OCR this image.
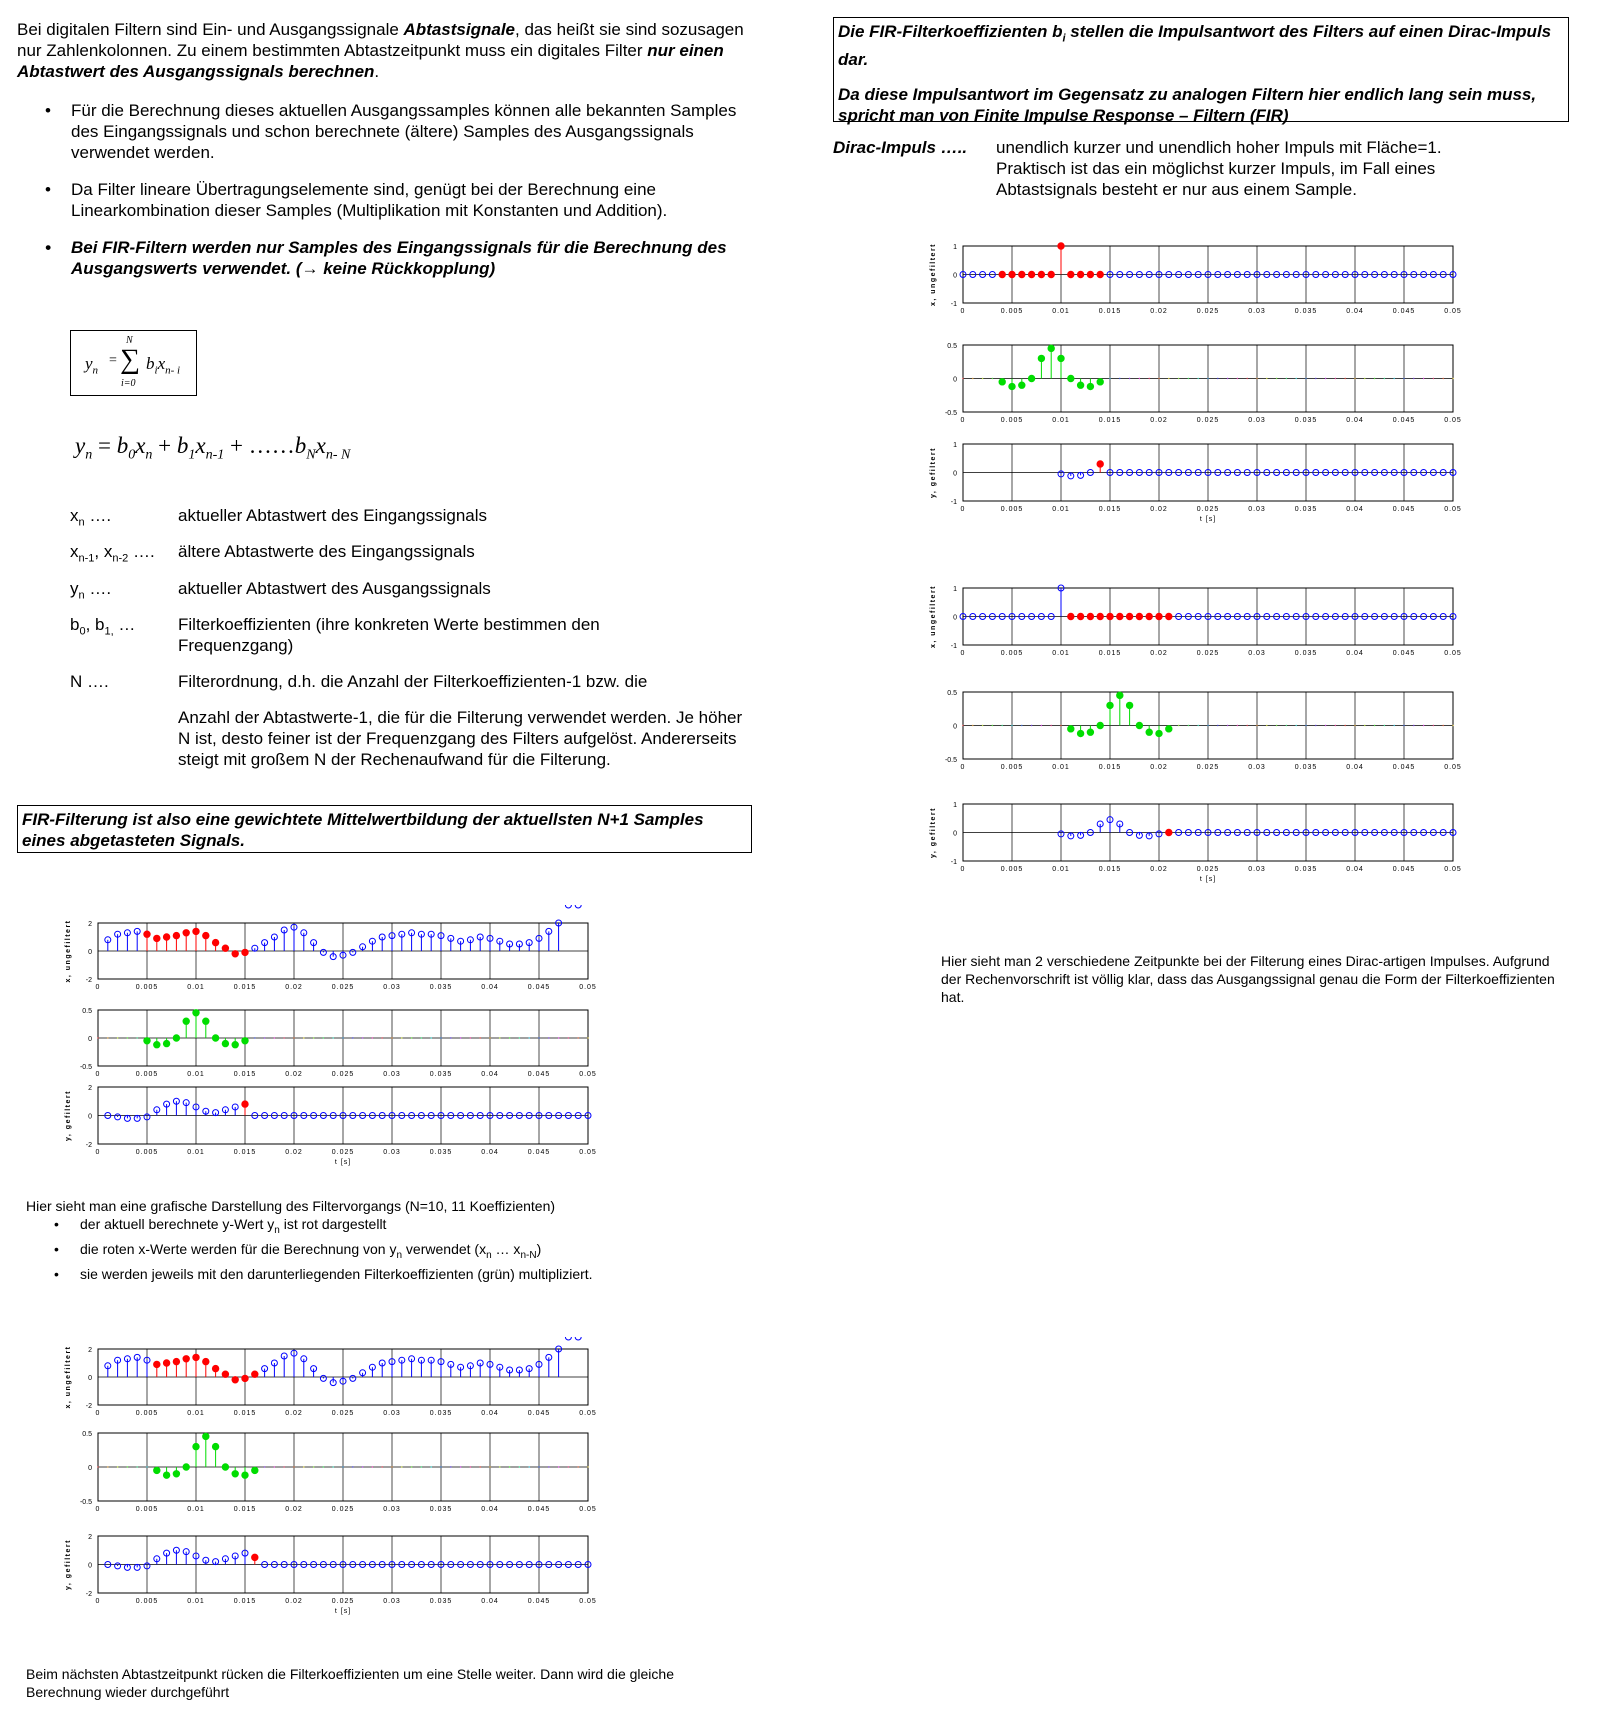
Bei digitalen Filtern sind Ein- und Ausgangssignale Abtastsignale, das heißt sie sind sozusagen nur Zahlenkolonnen. Zu einem bestimmten Abtastzeitpunkt muss ein digitales Filter nur einen Abtastwert des Ausgangssignals berechnen.
•	Für die Berechnung dieses aktuellen Ausgangssamples können alle bekannten Samples des Eingangssignals und schon berechnete (ältere) Samples des Ausgangssignals verwendet werden.
•	Da Filter lineare Übertragungselemente sind, genügt bei der Berechnung eine Linearkombination dieser Samples (Multiplikation mit Konstanten und Addition).
•	Bei FIR-Filtern werden nur Samples des Eingangssignals für die Berechnung des Ausgangswerts verwendet. (→ keine Rückkopplung)
$y_n$
=
N
∑
i=0
$b_ix_{n- i}$
$y_n = b_0x_n + b_1x_{n-1}$ + $\dots\dots b_Nx_{n- N}$
$x_n$ ….	aktueller Abtastwert des Eingangssignals
$x_{n-1}$, $x_{n-2}$ …. ältere Abtastwerte des Eingangssignals
$y_n$ ….	aktueller Abtastwert des Ausgangssignals
$b_0$, $b_{1,}$ …	Filterkoeffizienten (ihre konkreten Werte bestimmen den Frequenzgang)
N ….	Filterordnung, d.h. die Anzahl der Filterkoeffizienten-1 bzw. die
Anzahl der Abtastwerte-1, die für die Filterung verwendet werden. Je höher N ist, desto feiner ist der Frequenzgang des Filters aufgelöst. Andererseits steigt mit großem N der Rechenaufwand für die Filterung.
FIR-Filterung ist also eine gewichtete Mittelwertbildung der aktuellsten N+1 Samples eines abgetasteten Signals.
2
0
-2
0	0.005	0.01	0.015	0.02	0.025	0.03	0.035	0.04	0.045	0.05
x, ungefiltert
0.5
0
-0.5
0	0.005	0.01	0.015	0.02	0.025	0.03	0.035	0.04	0.045	0.05
2
0
-2
0	0.005	0.01	0.015	0.02	0.025	0.03	0.035	0.04	0.045	0.05
y, gefiltert
t [s]
Hier sieht man eine grafische Darstellung des Filtervorgangs (N=10, 11 Koeffizienten)
•	der aktuell berechnete y-Wert $y_n$ ist rot dargestellt
•	die roten x-Werte werden für die Berechnung von $y_n$ verwendet ($x_n$ … $x_{n-N}$)
•	sie werden jeweils mit den darunterliegenden Filterkoeffizienten (grün) multipliziert.
2
0
-2
0	0.005	0.01	0.015	0.02	0.025	0.03	0.035	0.04	0.045	0.05
x, ungefiltert
0.5
0
-0.5
0	0.005	0.01	0.015	0.02	0.025	0.03	0.035	0.04	0.045	0.05
2
0
-2
0	0.005	0.01	0.015	0.02	0.025	0.03	0.035	0.04	0.045	0.05
y, gefiltert
t [s]
Beim nächsten Abtastzeitpunkt rücken die Filterkoeffizienten um eine Stelle weiter. Dann wird die gleiche Berechnung wieder durchgeführt
Die FIR-Filterkoeffizienten $b_i$ stellen die Impulsantwort des Filters auf einen Dirac-Impuls dar.
Da diese Impulsantwort im Gegensatz zu analogen Filtern hier endlich lang sein muss, spricht man von Finite Impulse Response – Filtern (FIR)
Dirac-Impuls ….. unendlich kurzer und unendlich hoher Impuls mit Fläche=1. Praktisch ist das ein möglichst kurzer Impuls, im Fall eines Abtastsignals besteht er nur aus einem Sample.
1
0
-1
0	0.005	0.01	0.015	0.02	0.025	0.03	0.035	0.04	0.045	0.05
x, ungefiltert
0.5
0
-0.5
0	0.005	0.01	0.015	0.02	0.025	0.03	0.035	0.04	0.045	0.05
1
0
-1
0	0.005	0.01	0.015	0.02	0.025	0.03	0.035	0.04	0.045	0.05
y, gefiltert
t [s]
1
0
-1
0	0.005	0.01	0.015	0.02	0.025	0.03	0.035	0.04	0.045	0.05
x, ungefiltert
0.5
0
-0.5
0	0.005	0.01	0.015	0.02	0.025	0.03	0.035	0.04	0.045	0.05
1
0
-1
0	0.005	0.01	0.015	0.02	0.025	0.03	0.035	0.04	0.045	0.05
y, gefiltert
t [s]
Hier sieht man 2 verschiedene Zeitpunkte bei der Filterung eines Dirac-artigen Impulses. Aufgrund der Rechenvorschrift ist völlig klar, dass das Ausgangssignal genau die Form der Filterkoeffizienten hat.
